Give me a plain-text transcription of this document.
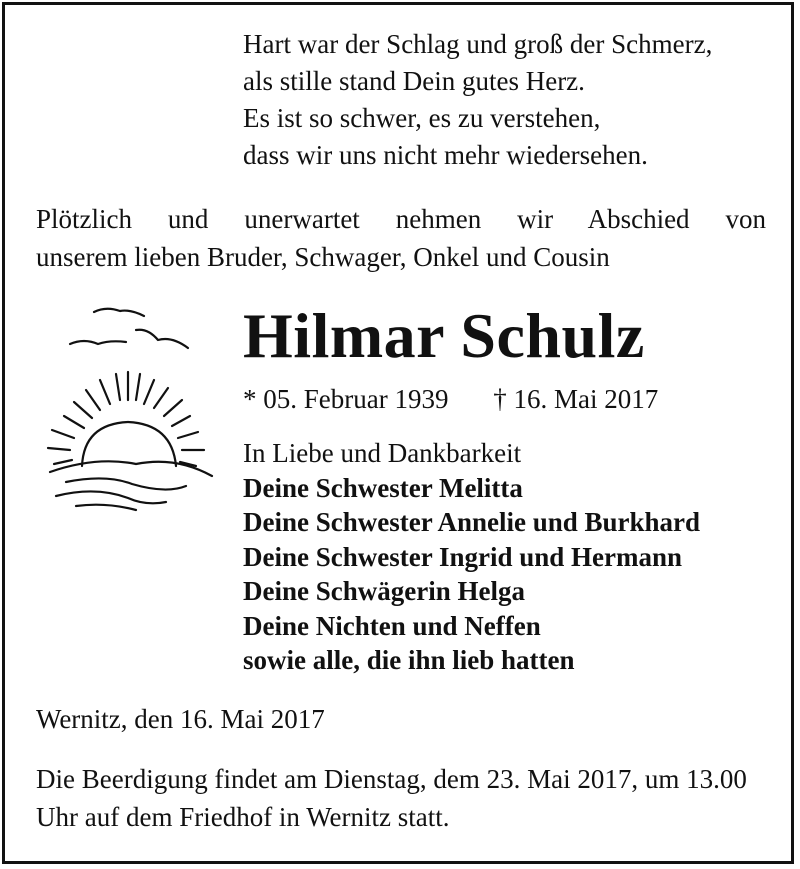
Hart war der Schlag und groß der Schmerz,
als stille stand Dein gutes Herz.
Es ist so schwer, es zu verstehen,
dass wir uns nicht mehr wiedersehen.
Plötzlich und unerwartet nehmen wir Abschied von
unserem lieben Bruder, Schwager, Onkel und Cousin
Hilmar Schulz
* 05. Februar 1939 † 16. Mai 2017
In Liebe und Dankbarkeit
Deine Schwester Melitta
Deine Schwester Annelie und Burkhard
Deine Schwester Ingrid und Hermann
Deine Schwägerin Helga
Deine Nichten und Neffen
sowie alle, die ihn lieb hatten
Wernitz, den 16. Mai 2017
Die Beerdigung findet am Dienstag, dem 23. Mai 2017, um 13.00 Uhr auf dem Friedhof in Wernitz statt.
